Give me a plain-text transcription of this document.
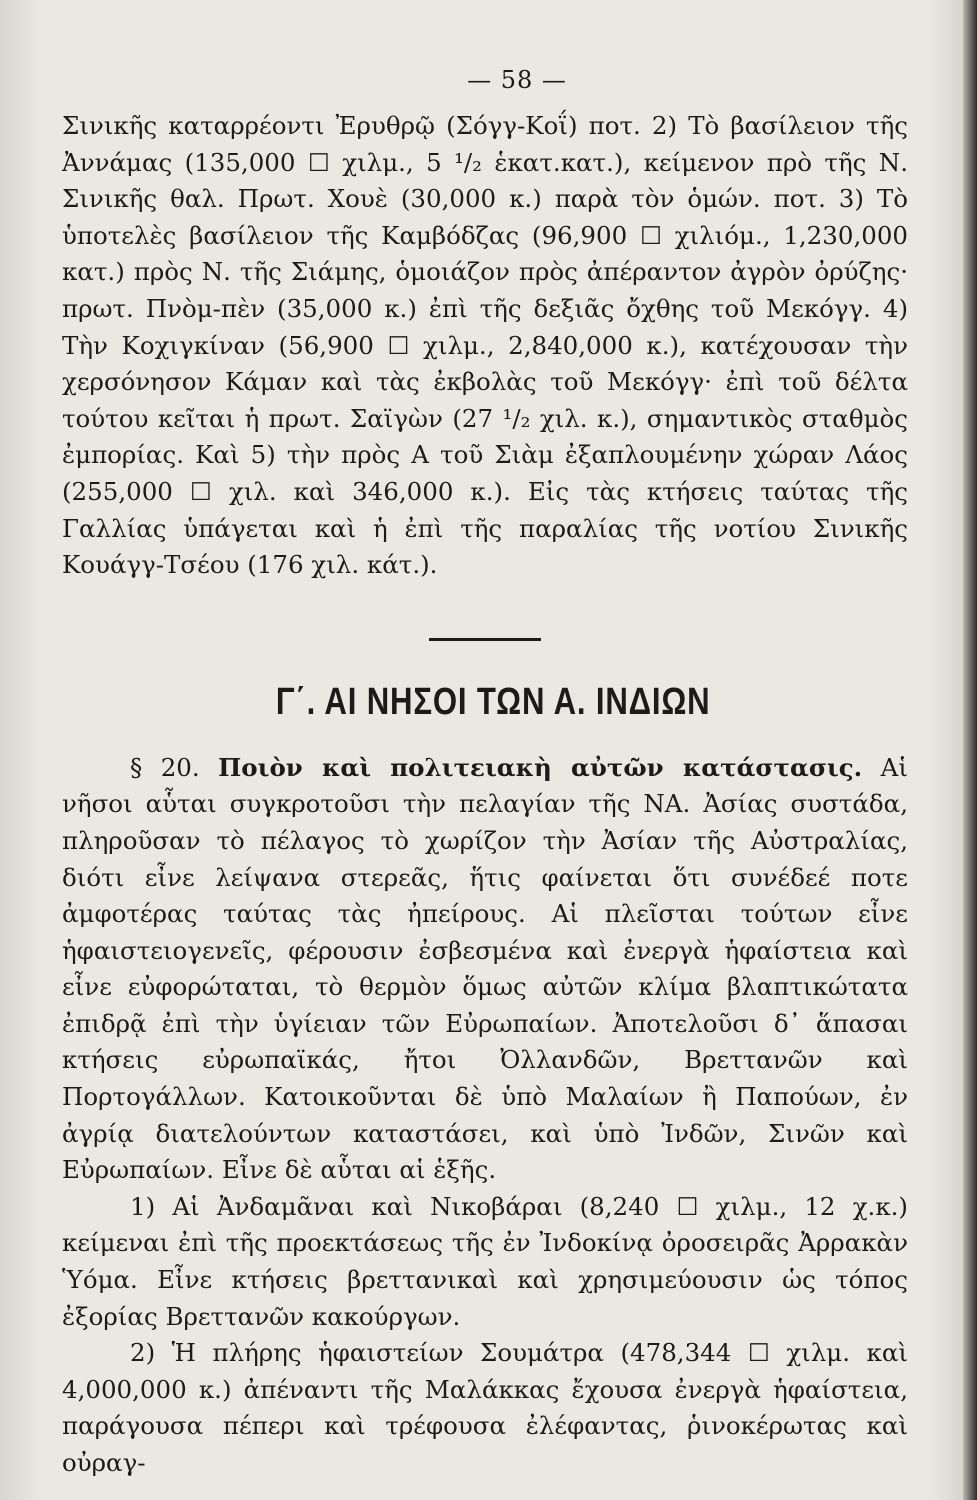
— 58 —

Σινικῆς καταρρέοντι Ἐρυθρῷ (Σόγγ-Κοΐ) ποτ. 2) Τὸ βασίλειον τῆς Ἀννάμας (135,000 ☐ χιλμ., 5 ¹/₂ ἑκατ.κατ.), κείμενον πρὸ τῆς Ν. Σινικῆς θαλ. Πρωτ. Χουὲ (30,000 κ.) παρὰ τὸν ὁμών. ποτ. 3) Τὸ ὑποτελὲς βασίλειον τῆς Καμβόδζας (96,900 ☐ χιλιόμ., 1,230,000 κατ.) πρὸς Ν. τῆς Σιάμης, ὁμοιάζον πρὸς ἀπέραντον ἀγρὸν ὀρύζης· πρωτ. Πνὸμ-πὲν (35,000 κ.) ἐπὶ τῆς δεξιᾶς ὄχθης τοῦ Μεκόγγ. 4) Τὴν Κοχιγκίναν (56,900 ☐ χιλμ., 2,840,000 κ.), κατέχουσαν τὴν χερσόνησον Κάμαν καὶ τὰς ἐκβολὰς τοῦ Μεκόγγ· ἐπὶ τοῦ δέλτα τούτου κεῖται ἡ πρωτ. Σαϊγὼν (27 ¹/₂ χιλ. κ.), σημαντικὸς σταθμὸς ἐμπορίας. Καὶ 5) τὴν πρὸς Α τοῦ Σιὰμ ἐξαπλουμένην χώραν Λάος (255,000 ☐ χιλ. καὶ 346,000 κ.). Εἰς τὰς κτήσεις ταύτας τῆς Γαλλίας ὑπάγεται καὶ ἡ ἐπὶ τῆς παραλίας τῆς νοτίου Σινικῆς Κουάγγ-Τσέου (176 χιλ. κάτ.).

Γ΄. ΑΙ ΝΗΣΟΙ ΤΩΝ Α. ΙΝΔΙΩΝ

§ 20. Ποιὸν καὶ πολιτειακὴ αὐτῶν κατάστασις. Αἱ νῆσοι αὗται συγκροτοῦσι τὴν πελαγίαν τῆς ΝΑ. Ἀσίας συστάδα, πληροῦσαν τὸ πέλαγος τὸ χωρίζον τὴν Ἀσίαν τῆς Αὐστραλίας, διότι εἶνε λείψανα στερεᾶς, ἥτις φαίνεται ὅτι συνέδεέ ποτε ἀμφοτέρας ταύτας τὰς ἠπείρους. Αἱ πλεῖσται τούτων εἶνε ἡφαιστειογενεῖς, φέρουσιν ἐσβεσμένα καὶ ἐνεργὰ ἡφαίστεια καὶ εἶνε εὐφορώταται, τὸ θερμὸν ὅμως αὐτῶν κλίμα βλαπτικώτατα ἐπιδρᾷ ἐπὶ τὴν ὑγίειαν τῶν Εὐρωπαίων. Ἀποτελοῦσι δ᾽ ἅπασαι κτήσεις εὐρωπαϊκάς, ἤτοι Ὀλλανδῶν, Βρεττανῶν καὶ Πορτογάλλων. Κατοικοῦνται δὲ ὑπὸ Μαλαίων ἢ Παπούων, ἐν ἀγρίᾳ διατελούντων καταστάσει, καὶ ὑπὸ Ἰνδῶν, Σινῶν καὶ Εὐρωπαίων. Εἶνε δὲ αὗται αἱ ἑξῆς.

1) Αἱ Ἀνδαμᾶναι καὶ Νικοβάραι (8,240 ☐ χιλμ., 12 χ.κ.) κείμεναι ἐπὶ τῆς προεκτάσεως τῆς ἐν Ἰνδοκίνᾳ ὀροσειρᾶς Ἀρρακὰν Ὑόμα. Εἶνε κτήσεις βρεττανικαὶ καὶ χρησιμεύουσιν ὡς τόπος ἐξορίας Βρεττανῶν κακούργων.

2) Ἡ πλήρης ἡφαιστείων Σουμάτρα (478,344 ☐ χιλμ. καὶ 4,000,000 κ.) ἀπέναντι τῆς Μαλάκκας ἔχουσα ἐνεργὰ ἡφαίστεια, παράγουσα πέπερι καὶ τρέφουσα ἐλέφαντας, ῥινοκέρωτας καὶ οὐραγ-
